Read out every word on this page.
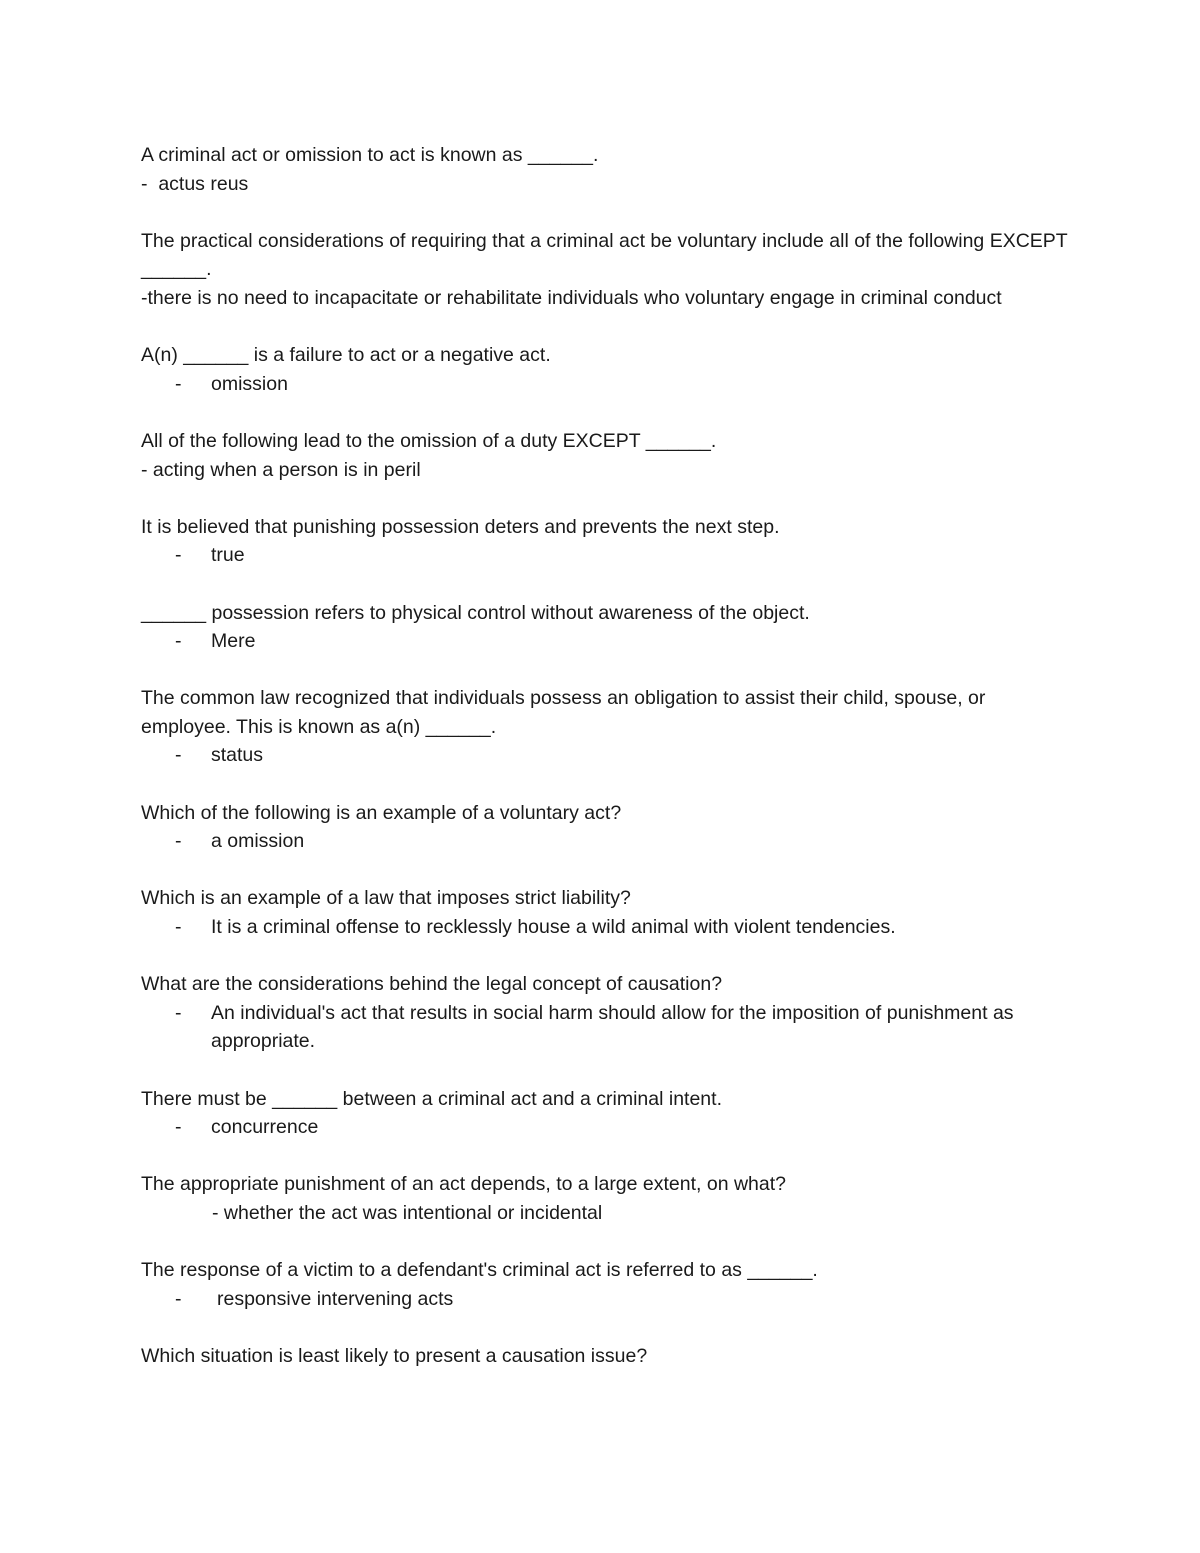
A criminal act or omission to act is known as ______.

-  actus reus

The practical considerations of requiring that a criminal act be voluntary include all of the following EXCEPT ______.

-there is no need to incapacitate or rehabilitate individuals who voluntary engage in criminal conduct

A(n) ______ is a failure to act or a negative act.

- omission

All of the following lead to the omission of a duty EXCEPT ______.

- acting when a person is in peril

It is believed that punishing possession deters and prevents the next step.

- true

______ possession refers to physical control without awareness of the object.

- Mere

The common law recognized that individuals possess an obligation to assist their child, spouse, or employee. This is known as a(n) ______.

- status

Which of the following is an example of a voluntary act?

- a omission

Which is an example of a law that imposes strict liability?

- It is a criminal offense to recklessly house a wild animal with violent tendencies.

What are the considerations behind the legal concept of causation?

- An individual's act that results in social harm should allow for the imposition of punishment as appropriate.

There must be ______ between a criminal act and a criminal intent.

- concurrence

The appropriate punishment of an act depends, to a large extent, on what?

- whether the act was intentional or incidental

The response of a victim to a defendant's criminal act is referred to as ______.

- responsive intervening acts

Which situation is least likely to present a causation issue?
